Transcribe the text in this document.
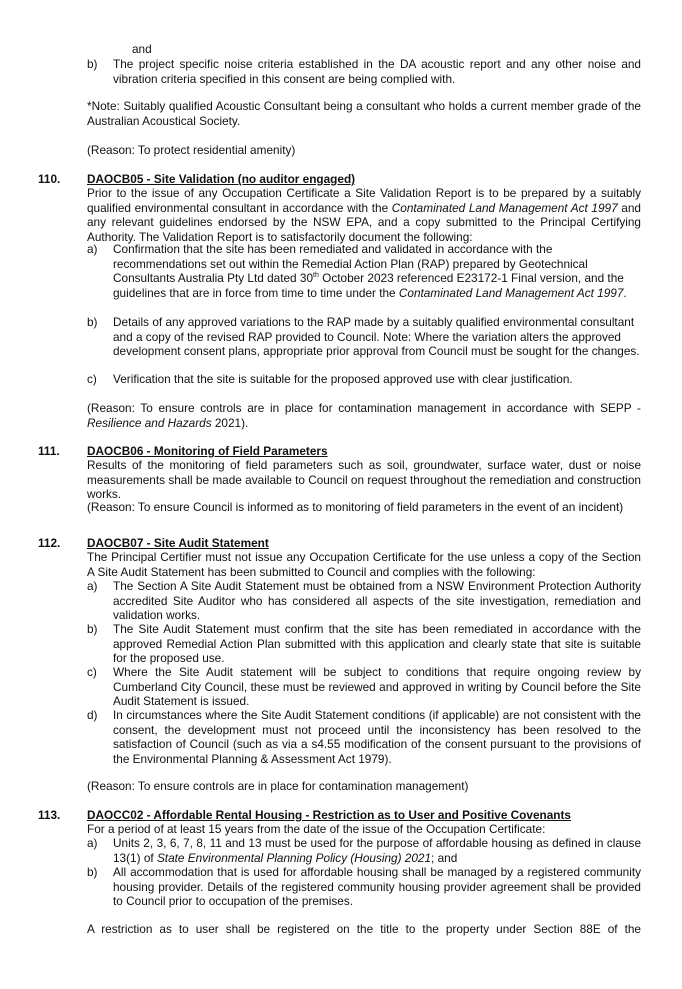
and
b)	The project specific noise criteria established in the DA acoustic report and any other noise and vibration criteria specified in this consent are being complied with.
*Note: Suitably qualified Acoustic Consultant being a consultant who holds a current member grade of the Australian Acoustical Society.
(Reason: To protect residential amenity)
110. DAOCB05 - Site Validation (no auditor engaged)
Prior to the issue of any Occupation Certificate a Site Validation Report is to be prepared by a suitably qualified environmental consultant in accordance with the Contaminated Land Management Act 1997 and any relevant guidelines endorsed by the NSW EPA, and a copy submitted to the Principal Certifying Authority. The Validation Report is to satisfactorily document the following:
a)	Confirmation that the site has been remediated and validated in accordance with the recommendations set out within the Remedial Action Plan (RAP) prepared by Geotechnical Consultants Australia Pty Ltd dated 30th October 2023 referenced E23172-1 Final version, and the guidelines that are in force from time to time under the Contaminated Land Management Act 1997.
b)	Details of any approved variations to the RAP made by a suitably qualified environmental consultant and a copy of the revised RAP provided to Council. Note: Where the variation alters the approved development consent plans, appropriate prior approval from Council must be sought for the changes.
c)	Verification that the site is suitable for the proposed approved use with clear justification.
(Reason: To ensure controls are in place for contamination management in accordance with SEPP - Resilience and Hazards 2021).
111. DAOCB06 - Monitoring of Field Parameters
Results of the monitoring of field parameters such as soil, groundwater, surface water, dust or noise measurements shall be made available to Council on request throughout the remediation and construction works.
(Reason: To ensure Council is informed as to monitoring of field parameters in the event of an incident)
112. DAOCB07 - Site Audit Statement
The Principal Certifier must not issue any Occupation Certificate for the use unless a copy of the Section A Site Audit Statement has been submitted to Council and complies with the following:
a)	The Section A Site Audit Statement must be obtained from a NSW Environment Protection Authority accredited Site Auditor who has considered all aspects of the site investigation, remediation and validation works.
b)	The Site Audit Statement must confirm that the site has been remediated in accordance with the approved Remedial Action Plan submitted with this application and clearly state that site is suitable for the proposed use.
c)	Where the Site Audit statement will be subject to conditions that require ongoing review by Cumberland City Council, these must be reviewed and approved in writing by Council before the Site Audit Statement is issued.
d)	In circumstances where the Site Audit Statement conditions (if applicable) are not consistent with the consent, the development must not proceed until the inconsistency has been resolved to the satisfaction of Council (such as via a s4.55 modification of the consent pursuant to the provisions of the Environmental Planning & Assessment Act 1979).
(Reason: To ensure controls are in place for contamination management)
113. DAOCC02 - Affordable Rental Housing - Restriction as to User and Positive Covenants
For a period of at least 15 years from the date of the issue of the Occupation Certificate:
a)	Units 2, 3, 6, 7, 8, 11 and 13 must be used for the purpose of affordable housing as defined in clause 13(1) of State Environmental Planning Policy (Housing) 2021; and
b)	All accommodation that is used for affordable housing shall be managed by a registered community housing provider. Details of the registered community housing provider agreement shall be provided to Council prior to occupation of the premises.
A restriction as to user shall be registered on the title to the property under Section 88E of the
